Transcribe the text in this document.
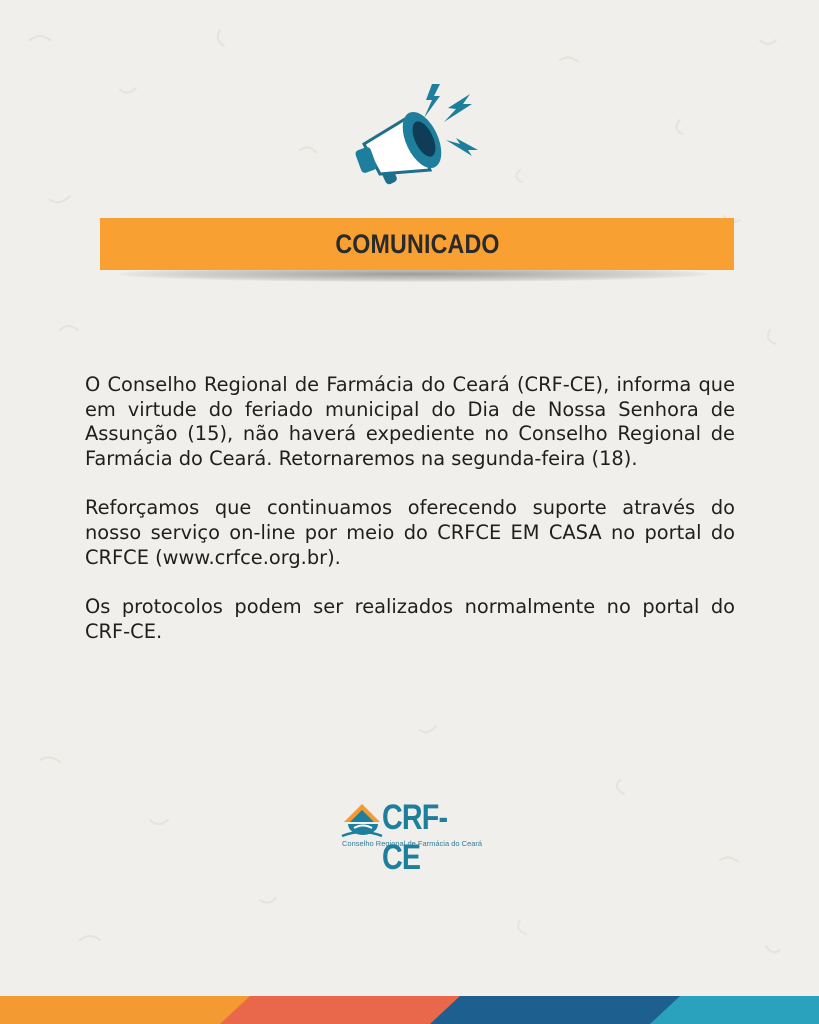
COMUNICADO

O Conselho Regional de Farmácia do Ceará (CRF-CE), informa que em virtude do feriado municipal do Dia de Nossa Senhora de Assunção (15), não haverá expediente no Conselho Regional de Farmácia do Ceará. Retornaremos na segunda-feira (18).

Reforçamos que continuamos oferecendo suporte através do nosso serviço on-line por meio do CRFCE EM CASA no portal do CRFCE (www.crfce.org.br).

Os protocolos podem ser realizados normalmente no portal do CRF-CE.

CRF-CE
Conselho Regional de Farmácia do Ceará
